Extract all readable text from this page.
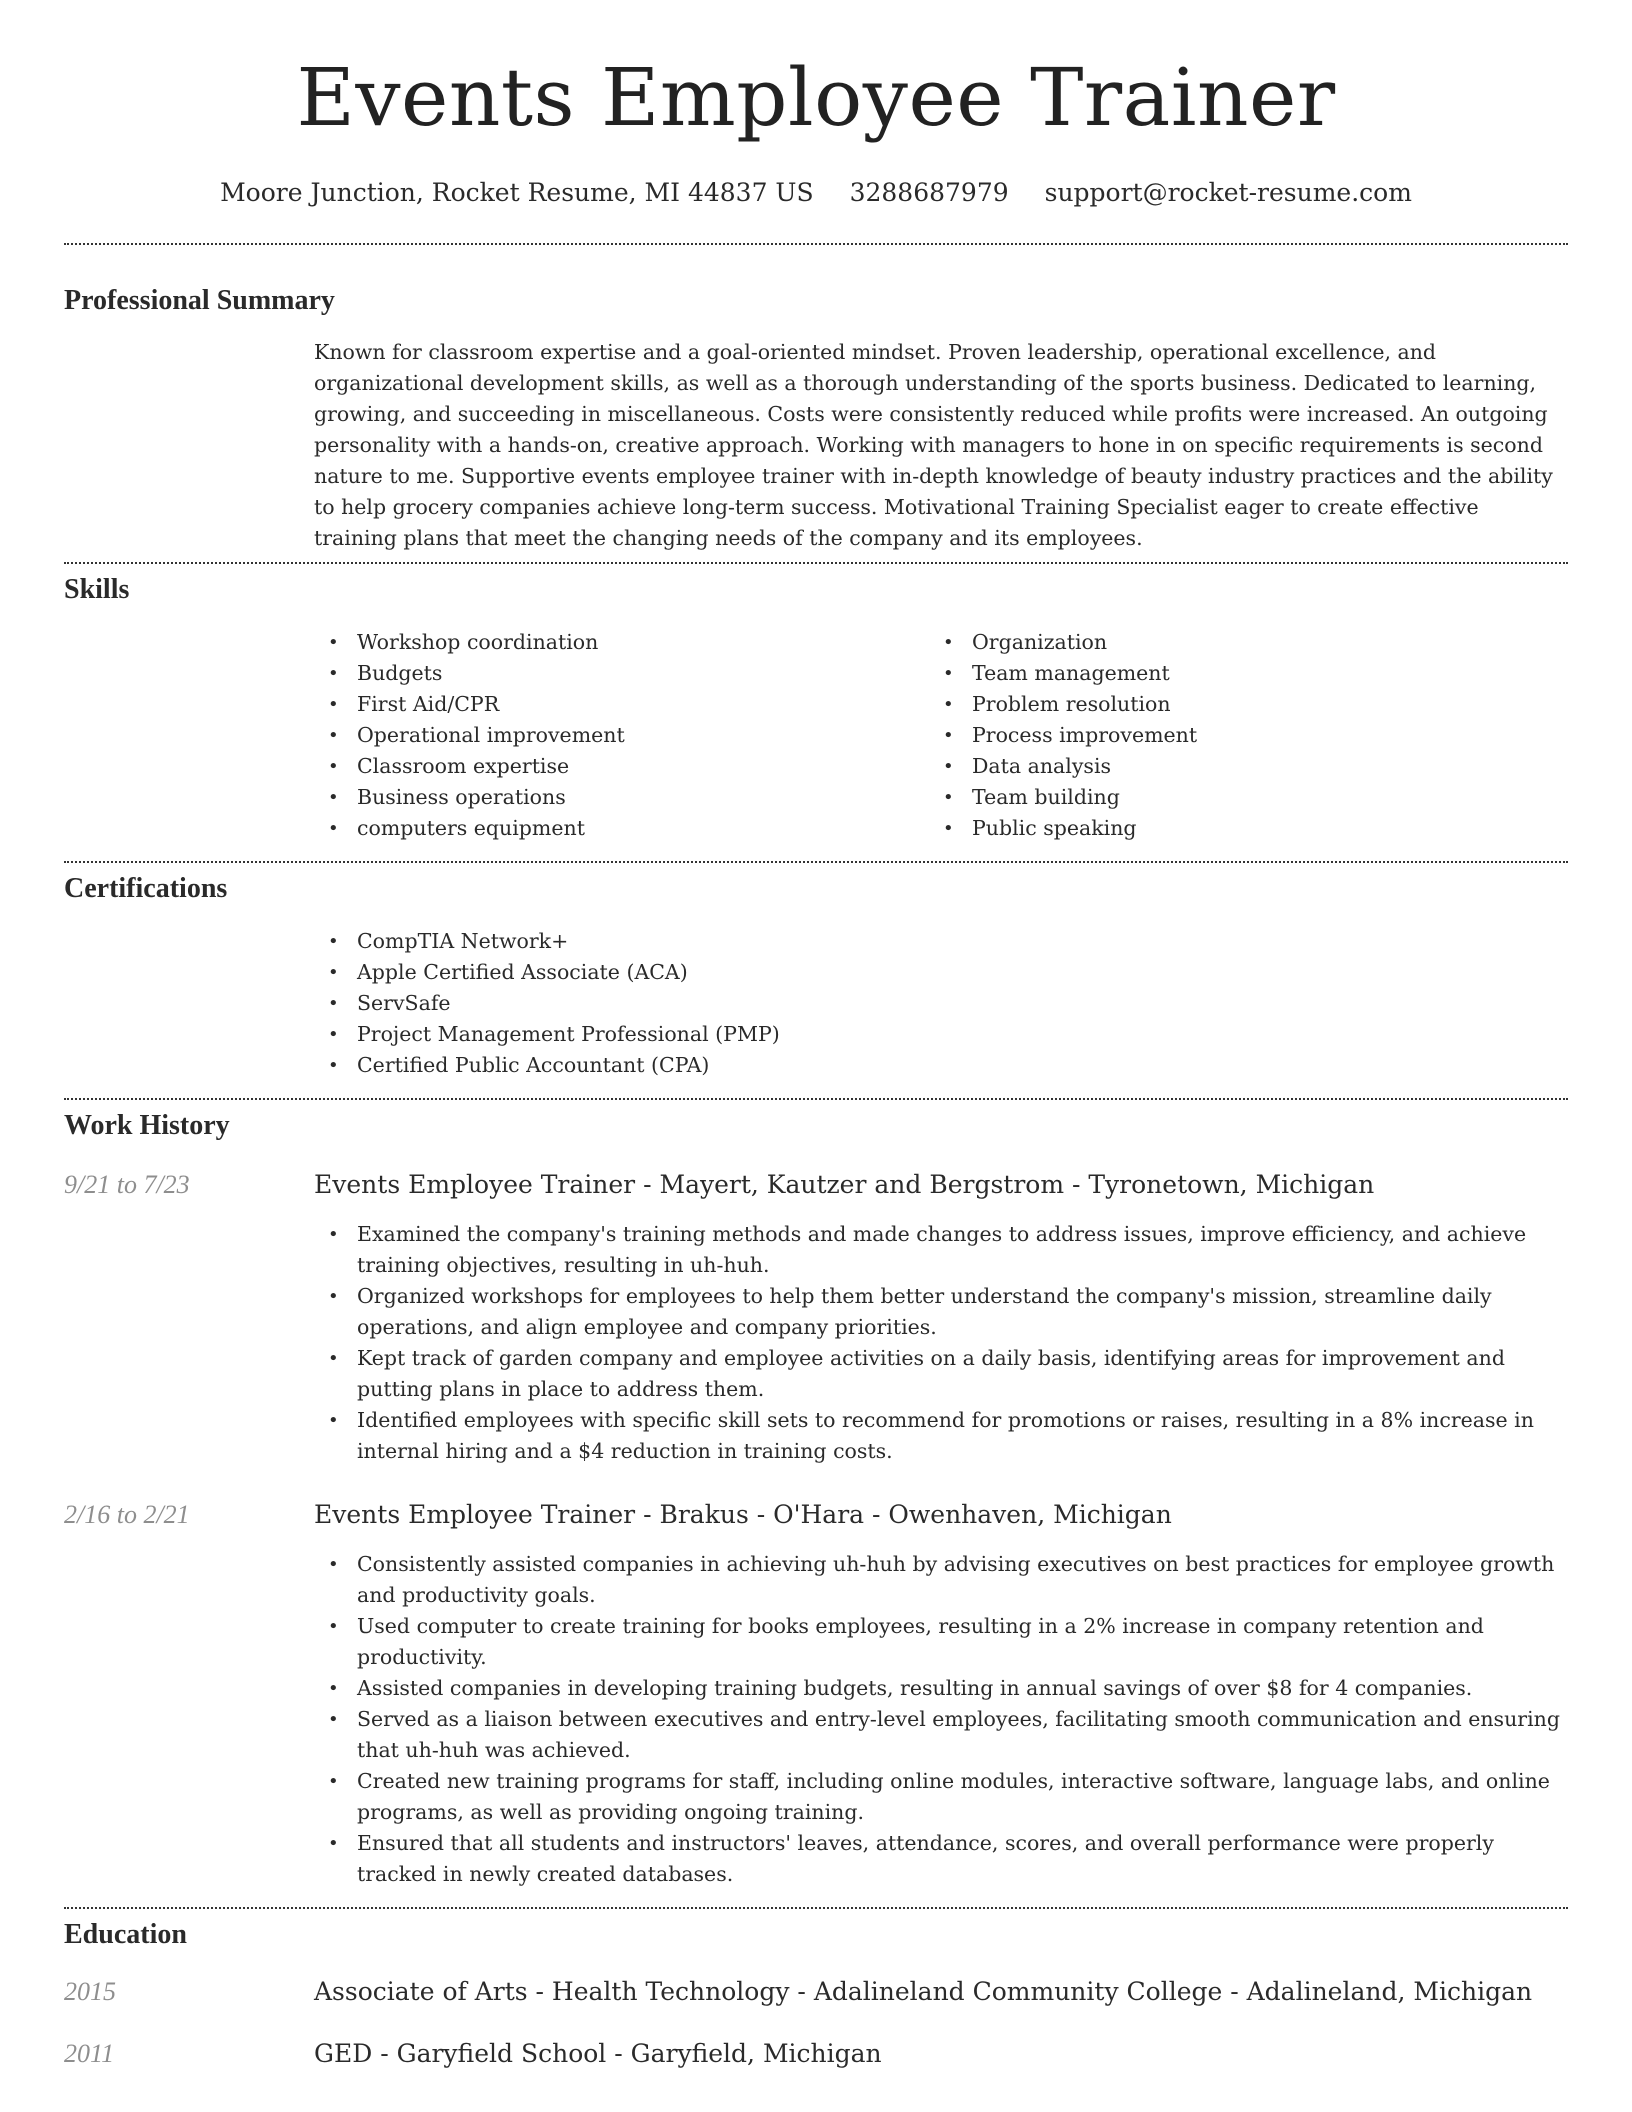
Events Employee Trainer
Moore Junction, Rocket Resume, MI 44837 US 3288687979 support@rocket-resume.com
Professional Summary

Known for classroom expertise and a goal-oriented mindset. Proven leadership, operational excellence, and organizational development skills, as well as a thorough understanding of the sports business. Dedicated to learning, growing, and succeeding in miscellaneous. Costs were consistently reduced while profits were increased. An outgoing personality with a hands-on, creative approach. Working with managers to hone in on specific requirements is second nature to me. Supportive events employee trainer with in-depth knowledge of beauty industry practices and the ability to help grocery companies achieve long-term success. Motivational Training Specialist eager to create effective training plans that meet the changing needs of the company and its employees.

Skills
• Workshop coordination
• Budgets
• First Aid/CPR
• Operational improvement
• Classroom expertise
• Business operations
• computers equipment
• Organization
• Team management
• Problem resolution
• Process improvement
• Data analysis
• Team building
• Public speaking
Certifications
• CompTIA Network+
• Apple Certified Associate (ACA)
• ServSafe
• Project Management Professional (PMP)
• Certified Public Accountant (CPA)
Work History
9/21 to 7/23	Events Employee Trainer - Mayert, Kautzer and Bergstrom - Tyronetown, Michigan
• Examined the company's training methods and made changes to address issues, improve efficiency, and achieve training objectives, resulting in uh-huh.
• Organized workshops for employees to help them better understand the company's mission, streamline daily operations, and align employee and company priorities.
• Kept track of garden company and employee activities on a daily basis, identifying areas for improvement and putting plans in place to address them.
• Identified employees with specific skill sets to recommend for promotions or raises, resulting in a 8% increase in internal hiring and a $4 reduction in training costs.
2/16 to 2/21	Events Employee Trainer - Brakus - O'Hara - Owenhaven, Michigan
• Consistently assisted companies in achieving uh-huh by advising executives on best practices for employee growth and productivity goals.
• Used computer to create training for books employees, resulting in a 2% increase in company retention and productivity.
• Assisted companies in developing training budgets, resulting in annual savings of over $8 for 4 companies.
• Served as a liaison between executives and entry-level employees, facilitating smooth communication and ensuring that uh-huh was achieved.
• Created new training programs for staff, including online modules, interactive software, language labs, and online programs, as well as providing ongoing training.
• Ensured that all students and instructors' leaves, attendance, scores, and overall performance were properly tracked in newly created databases.
Education
2015	Associate of Arts - Health Technology - Adalineland Community College - Adalineland, Michigan
2011	GED - Garyfield School - Garyfield, Michigan
